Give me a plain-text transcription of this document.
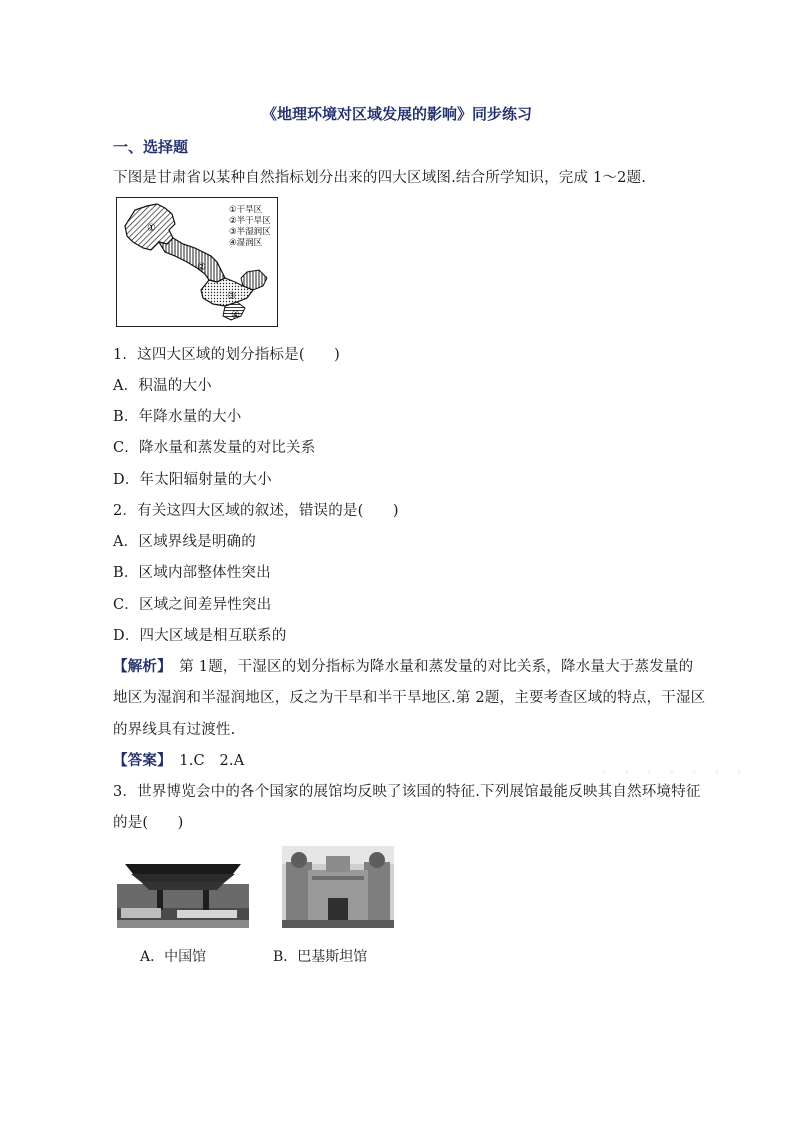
《地理环境对区域发展的影响》同步练习
一、选择题
下图是甘肃省以某种自然指标划分出来的四大区域图.结合所学知识，完成 1～2题.
①
②
③
④
①干旱区
②半干旱区
③半湿润区
④湿润区
1．这四大区域的划分指标是(　　)
A．积温的大小
B．年降水量的大小
C．降水量和蒸发量的对比关系
D．年太阳辐射量的大小
2．有关这四大区域的叙述，错误的是(　　)
A．区域界线是明确的
B．区域内部整体性突出
C．区域之间差异性突出
D．四大区域是相互联系的
【解析】　第 1题，干湿区的划分指标为降水量和蒸发量的对比关系，降水量大于蒸发量的
地区为湿润和半湿润地区，反之为干旱和半干旱地区.第 2题，主要考查区域的特点，干湿区
的界线具有过渡性.
【答案】　1.C　2.A	· · · · · · ·
3．世界博览会中的各个国家的展馆均反映了该国的特征.下列展馆最能反映其自然环境特征
的是(　　)
A．中国馆	B．巴基斯坦馆
